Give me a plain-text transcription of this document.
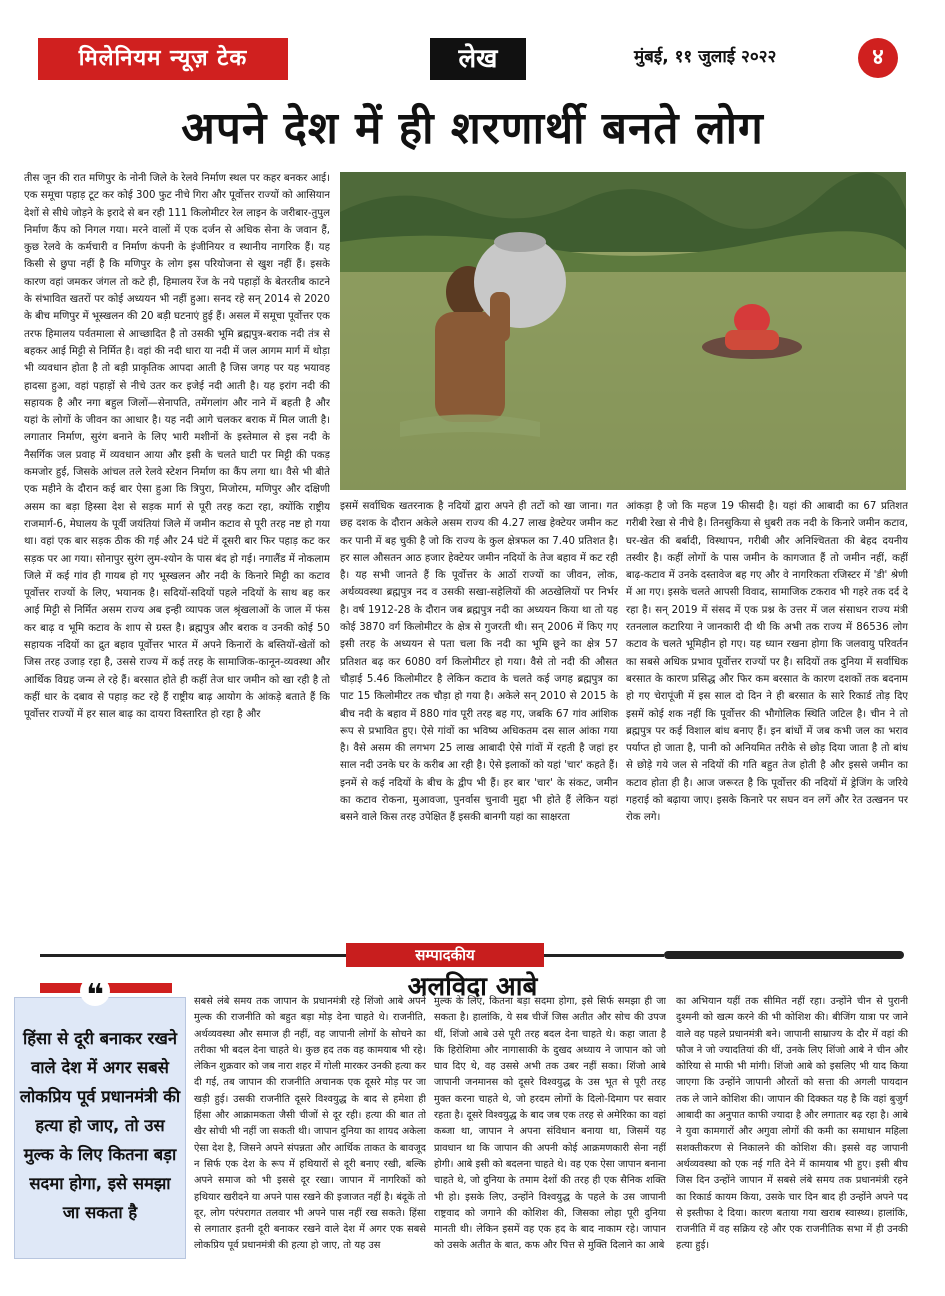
मिलेनियम न्यूज़ टेक	लेख	मुंबई, ११ जुलाई २०२२	४
अपने देश में ही शरणार्थी बनते लोग
तीस जून की रात मणिपुर के नोनी जिले के रेलवे निर्माण स्थल पर कहर बनकर आई। एक समूचा पहाड़ टूट कर कोई 300 फुट नीचे गिरा और पूर्वोत्तर राज्यों को आसियान देशों से सीधे जोड़ने के इरादे से बन रही 111 किलोमीटर रेल लाइन के जरीबार-तुपुल निर्माण कैंप को निगल गया। मरने वालों में एक दर्जन से अधिक सेना के जवान हैं, कुछ रेलवे के कर्मचारी व निर्माण कंपनी के इंजीनियर व स्थानीय नागरिक हैं। यह किसी से छुपा नहीं है कि मणिपुर के लोग इस परियोजना से खुश नहीं हैं। इसके कारण वहां जमकर जंगल तो कटे ही, हिमालय रेंज के नये पहाड़ों के बेतरतीब काटने के संभावित खतरों पर कोई अध्ययन भी नहीं हुआ। सनद रहे सन् 2014 से 2020 के बीच मणिपुर में भूस्खलन की 20 बड़ी घटनाएं हुई हैं। असल में समूचा पूर्वोत्तर एक तरफ हिमालय पर्वतमाला से आच्छादित है तो उसकी भूमि ब्रह्मपुत्र-बराक नदी तंत्र से बहकर आई मिट्टी से निर्मित है। वहां की नदी धारा या नदी में जल आगम मार्ग में थोड़ा भी व्यवधान होता है तो बड़ी प्राकृतिक आपदा आती है जिस जगह पर यह भयावह हादसा हुआ, वहां पहाड़ों से नीचे उतर कर इजेई नदी आती है। यह इरांग नदी की सहायक है और नगा बहुल जिलों—सेनापति, तमेंगलांग और नाने में बहती है और यहां के लोगों के जीवन का आधार है। यह नदी आगे चलकर बराक में मिल जाती है। लगातार निर्माण, सुरंग बनाने के लिए भारी मशीनों के इस्तेमाल से इस नदी के नैसर्गिक जल प्रवाह में व्यवधान आया और इसी के चलते घाटी पर मिट्टी की पकड़ कमजोर हुई, जिसके आंचल तले रेलवे स्टेशन निर्माण का कैंप लगा था। वैसे भी बीते एक महीने के दौरान कई बार ऐसा हुआ कि त्रिपुरा, मिजोरम, मणिपुर और दक्षिणी असम का बड़ा हिस्सा देश से सड़क मार्ग से पूरी तरह कटा रहा, क्योंकि राष्ट्रीय राजमार्ग-6, मेघालय के पूर्वी जयंतियां जिले में जमीन कटाव से पूरी तरह नष्ट हो गया था। वहां एक बार सड़क ठीक की गई और 24 घंटे में दूसरी बार फिर पहाड़ कट कर सड़क पर आ गया। सोनापुर सुरंग लुम-श्योन के पास बंद हो गई। नगालैंड में नोकलाम जिले में कई गांव ही गायब हो गए भूस्खलन और नदी के किनारे मिट्टी का कटाव पूर्वोत्तर राज्यों के लिए, भयानक है। सदियों-सदियों पहले नदियों के साथ बह कर आई मिट्टी से निर्मित असम राज्य अब इन्ही व्यापक जल श्रृंखलाओं के जाल में फंस कर बाढ़ व भूमि कटाव के शाप से ग्रस्त है। ब्रह्मपुत्र और बराक व उनकी कोई 50 सहायक नदियों का द्रुत बहाव पूर्वोत्तर भारत में अपने किनारों के बस्तियों-खेतों को जिस तरह उजाड़ रहा है, उससे राज्य में कई तरह के सामाजिक-कानून-व्यवस्था और आर्थिक विग्रह जन्म ले रहे हैं। बरसात होते ही कहीं तेज धार जमीन को खा रही है तो कहीं धार के दबाव से पहाड़ कट रहे हैं राष्ट्रीय बाढ़ आयोग के आंकड़े बताते हैं कि पूर्वोत्तर राज्यों में हर साल बाढ़ का दायरा विस्तारित हो रहा है और
इसमें सर्वाधिक खतरनाक है नदियों द्वारा अपने ही तटों को खा जाना। गत छह दशक के दौरान अकेले असम राज्य की 4.27 लाख हेक्टेयर जमीन कट कर पानी में बह चुकी है जो कि राज्य के कुल क्षेत्रफल का 7.40 प्रतिशत है। हर साल औसतन आठ हजार हेक्टेयर जमीन नदियों के तेज बहाव में कट रही है। यह सभी जानते हैं कि पूर्वोत्तर के आठों राज्यों का जीवन, लोक, अर्थव्यवस्था ब्रह्मपुत्र नद व उसकी सखा-सहेलियों की अठखेलियों पर निर्भर है। वर्ष 1912-28 के दौरान जब ब्रह्मपुत्र नदी का अध्ययन किया था तो यह कोई 3870 वर्ग किलोमीटर के क्षेत्र से गुजरती थी। सन् 2006 में किए गए इसी तरह के अध्ययन से पता चला कि नदी का भूमि छूने का क्षेत्र 57 प्रतिशत बढ़ कर 6080 वर्ग किलोमीटर हो गया। वैसे तो नदी की औसत चौड़ाई 5.46 किलोमीटर है लेकिन कटाव के चलते कई जगह ब्रह्मपुत्र का पाट 15 किलोमीटर तक चौड़ा हो गया है। अकेले सन् 2010 से 2015 के बीच नदी के बहाव में 880 गांव पूरी तरह बह गए, जबकि 67 गांव आंशिक रूप से प्रभावित हुए। ऐसे गांवों का भविष्य अधिकतम दस साल आंका गया है। वैसे असम की लगभग 25 लाख आबादी ऐसे गांवों में रहती है जहां हर साल नदी उनके घर के करीब आ रही है। ऐसे इलाकों को यहां 'चार' कहते हैं। इनमें से कई नदियों के बीच के द्वीप भी हैं। हर बार 'चार' के संकट, जमीन का कटाव रोकना, मुआवजा, पुनर्वास चुनावी मुद्दा भी होते हैं लेकिन यहां बसने वाले किस तरह उपेक्षित हैं इसकी बानगी यहां का साक्षरता
आंकड़ा है जो कि महज 19 फीसदी है। यहां की आबादी का 67 प्रतिशत गरीबी रेखा से नीचे है। तिनसुकिया से धुबरी तक नदी के किनारे जमीन कटाव, घर-खेत की बर्बादी, विस्थापन, गरीबी और अनिश्चितता की बेहद दयनीय तस्वीर है। कहीं लोगों के पास जमीन के कागजात हैं तो जमीन नहीं, कहीं बाढ़-कटाव में उनके दस्तावेज बह गए और वे नागरिकता रजिस्टर में 'डी' श्रेणी में आ गए। इसके चलते आपसी विवाद, सामाजिक टकराव भी गहरे तक दर्द दे रहा है। सन् 2019 में संसद में एक प्रश्न के उत्तर में जल संसाधन राज्य मंत्री रतनलाल कटारिया ने जानकारी दी थी कि अभी तक राज्य में 86536 लोग कटाव के चलते भूमिहीन हो गए। यह ध्यान रखना होगा कि जलवायु परिवर्तन का सबसे अधिक प्रभाव पूर्वोत्तर राज्यों पर है। सदियों तक दुनिया में सर्वाधिक बरसात के कारण प्रसिद्ध और फिर कम बरसात के कारण दशकों तक बदनाम हो गए चेरापूंजी में इस साल दो दिन ने ही बरसात के सारे रिकार्ड तोड़ दिए इसमें कोई शक नहीं कि पूर्वोत्तर की भौगोलिक स्थिति जटिल है। चीन ने तो ब्रह्मपुत्र पर कई विशाल बांध बनाए हैं। इन बांधों में जब कभी जल का भराव पर्याप्त हो जाता है, पानी को अनियमित तरीके से छोड़ दिया जाता है तो बांध से छोड़े गये जल से नदियों की गति बहुत तेज होती है और इससे जमीन का कटाव होता ही है। आज जरूरत है कि पूर्वोत्तर की नदियों में ड्रेजिंग के जरिये गहराई को बढ़ाया जाए। इसके किनारे पर सघन वन लगें और रेत उत्खनन पर रोक लगे।
सम्पादकीय
अलविदा आबे
हिंसा से दूरी बनाकर रखने वाले देश में अगर सबसे लोकप्रिय पूर्व प्रधानमंत्री की हत्या हो जाए, तो उस मुल्क के लिए कितना बड़ा सदमा होगा, इसे समझा जा सकता है
❝	सबसे लंबे समय तक जापान के प्रधानमंत्री रहे शिंजो आबे अपने मुल्क की राजनीति को बहुत बड़ा मोड़ देना चाहते थे। राजनीति, अर्थव्यवस्था और समाज ही नहीं, वह जापानी लोगों के सोचने का तरीका भी बदल देना चाहते थे। कुछ हद तक वह कामयाब भी रहे। लेकिन शुक्रवार को जब नारा शहर में गोली मारकर उनकी हत्या कर दी गई, तब जापान की राजनीति अचानक एक दूसरे मोड़ पर जा खड़ी हुई। उसकी राजनीति दूसरे विश्वयुद्ध के बाद से हमेशा ही हिंसा और आक्रामकता जैसी चीजों से दूर रही। हत्या की बात तो खैर सोची भी नहीं जा सकती थी। जापान दुनिया का शायद अकेला ऐसा देश है, जिसने अपने संपन्नता और आर्थिक ताकत के बावजूद न सिर्फ एक देश के रूप में हथियारों से दूरी बनाए रखी, बल्कि अपने समाज को भी इससे दूर रखा। जापान में नागरिकों को हथियार खरीदने या अपने पास रखने की इजाजत नहीं है। बंदूकें तो दूर, लोग परंपरागत तलवार भी अपने पास नहीं रख सकते। हिंसा से लगातार इतनी दूरी बनाकर रखने वाले देश में अगर एक सबसे लोकप्रिय पूर्व प्रधानमंत्री की हत्या हो जाए, तो यह उस
मुल्क के लिए, कितना बड़ा सदमा होगा, इसे सिर्फ समझा ही जा सकता है। हालांकि, ये सब चीजें जिस अतीत और सोच की उपज थीं, शिंजो आबे उसे पूरी तरह बदल देना चाहते थे। कहा जाता है कि हिरोशिमा और नागासाकी के दुखद अध्याय ने जापान को जो घाव दिए थे, वह उससे अभी तक उबर नहीं सका। शिंजो आबे जापानी जनमानस को दूसरे विश्वयुद्ध के उस भूत से पूरी तरह मुक्त करना चाहते थे, जो हरदम लोगों के दिलो-दिमाग पर सवार रहता है। दूसरे विश्वयुद्ध के बाद जब एक तरह से अमेरिका का वहां कब्जा था, जापान ने अपना संविधान बनाया था, जिसमें यह प्रावधान था कि जापान की अपनी कोई आक्रमणकारी सेना नहीं होगी। आबे इसी को बदलना चाहते थे। वह एक ऐसा जापान बनाना चाहते थे, जो दुनिया के तमाम देशों की तरह ही एक सैनिक शक्ति भी हो। इसके लिए, उन्होंने विश्वयुद्ध के पहले के उस जापानी राष्ट्रवाद को जगाने की कोशिश की, जिसका लोहा पूरी दुनिया मानती थी। लेकिन इसमें वह एक हद के बाद नाकाम रहे। जापान को उसके अतीत के बात, कफ और पित्त से मुक्ति दिलाने का आबे
का अभियान यहीं तक सीमित नहीं रहा। उन्होंने चीन से पुरानी दुश्मनी को खत्म करने की भी कोशिश की। बीजिंग यात्रा पर जाने वाले वह पहले प्रधानमंत्री बने। जापानी साम्राज्य के दौर में वहां की फौज ने जो ज्यादतियां की थीं, उनके लिए शिंजो आबे ने चीन और कोरिया से माफी भी मांगी। शिंजो आबे को इसलिए भी याद किया जाएगा कि उन्होंने जापानी औरतों को सत्ता की अगली पायदान तक ले जाने कोशिश की। जापान की दिक्कत यह है कि वहां बुजुर्ग आबादी का अनुपात काफी ज्यादा है और लगातार बढ़ रहा है। आबे ने युवा कामगारों और अगुवा लोगों की कमी का समाधान महिला सशक्तीकरण से निकालने की कोशिश की। इससे वह जापानी अर्थव्यवस्था को एक नई गति देने में कामयाब भी हुए। इसी बीच जिस दिन उन्होंने जापान में सबसे लंबे समय तक प्रधानमंत्री रहने का रिकार्ड कायम किया, उसके चार दिन बाद ही उन्होंने अपने पद से इस्तीफा दे दिया। कारण बताया गया खराब स्वास्थ्य। हालांकि, राजनीति में वह सक्रिय रहे और एक राजनीतिक सभा में ही उनकी हत्या हुई।
